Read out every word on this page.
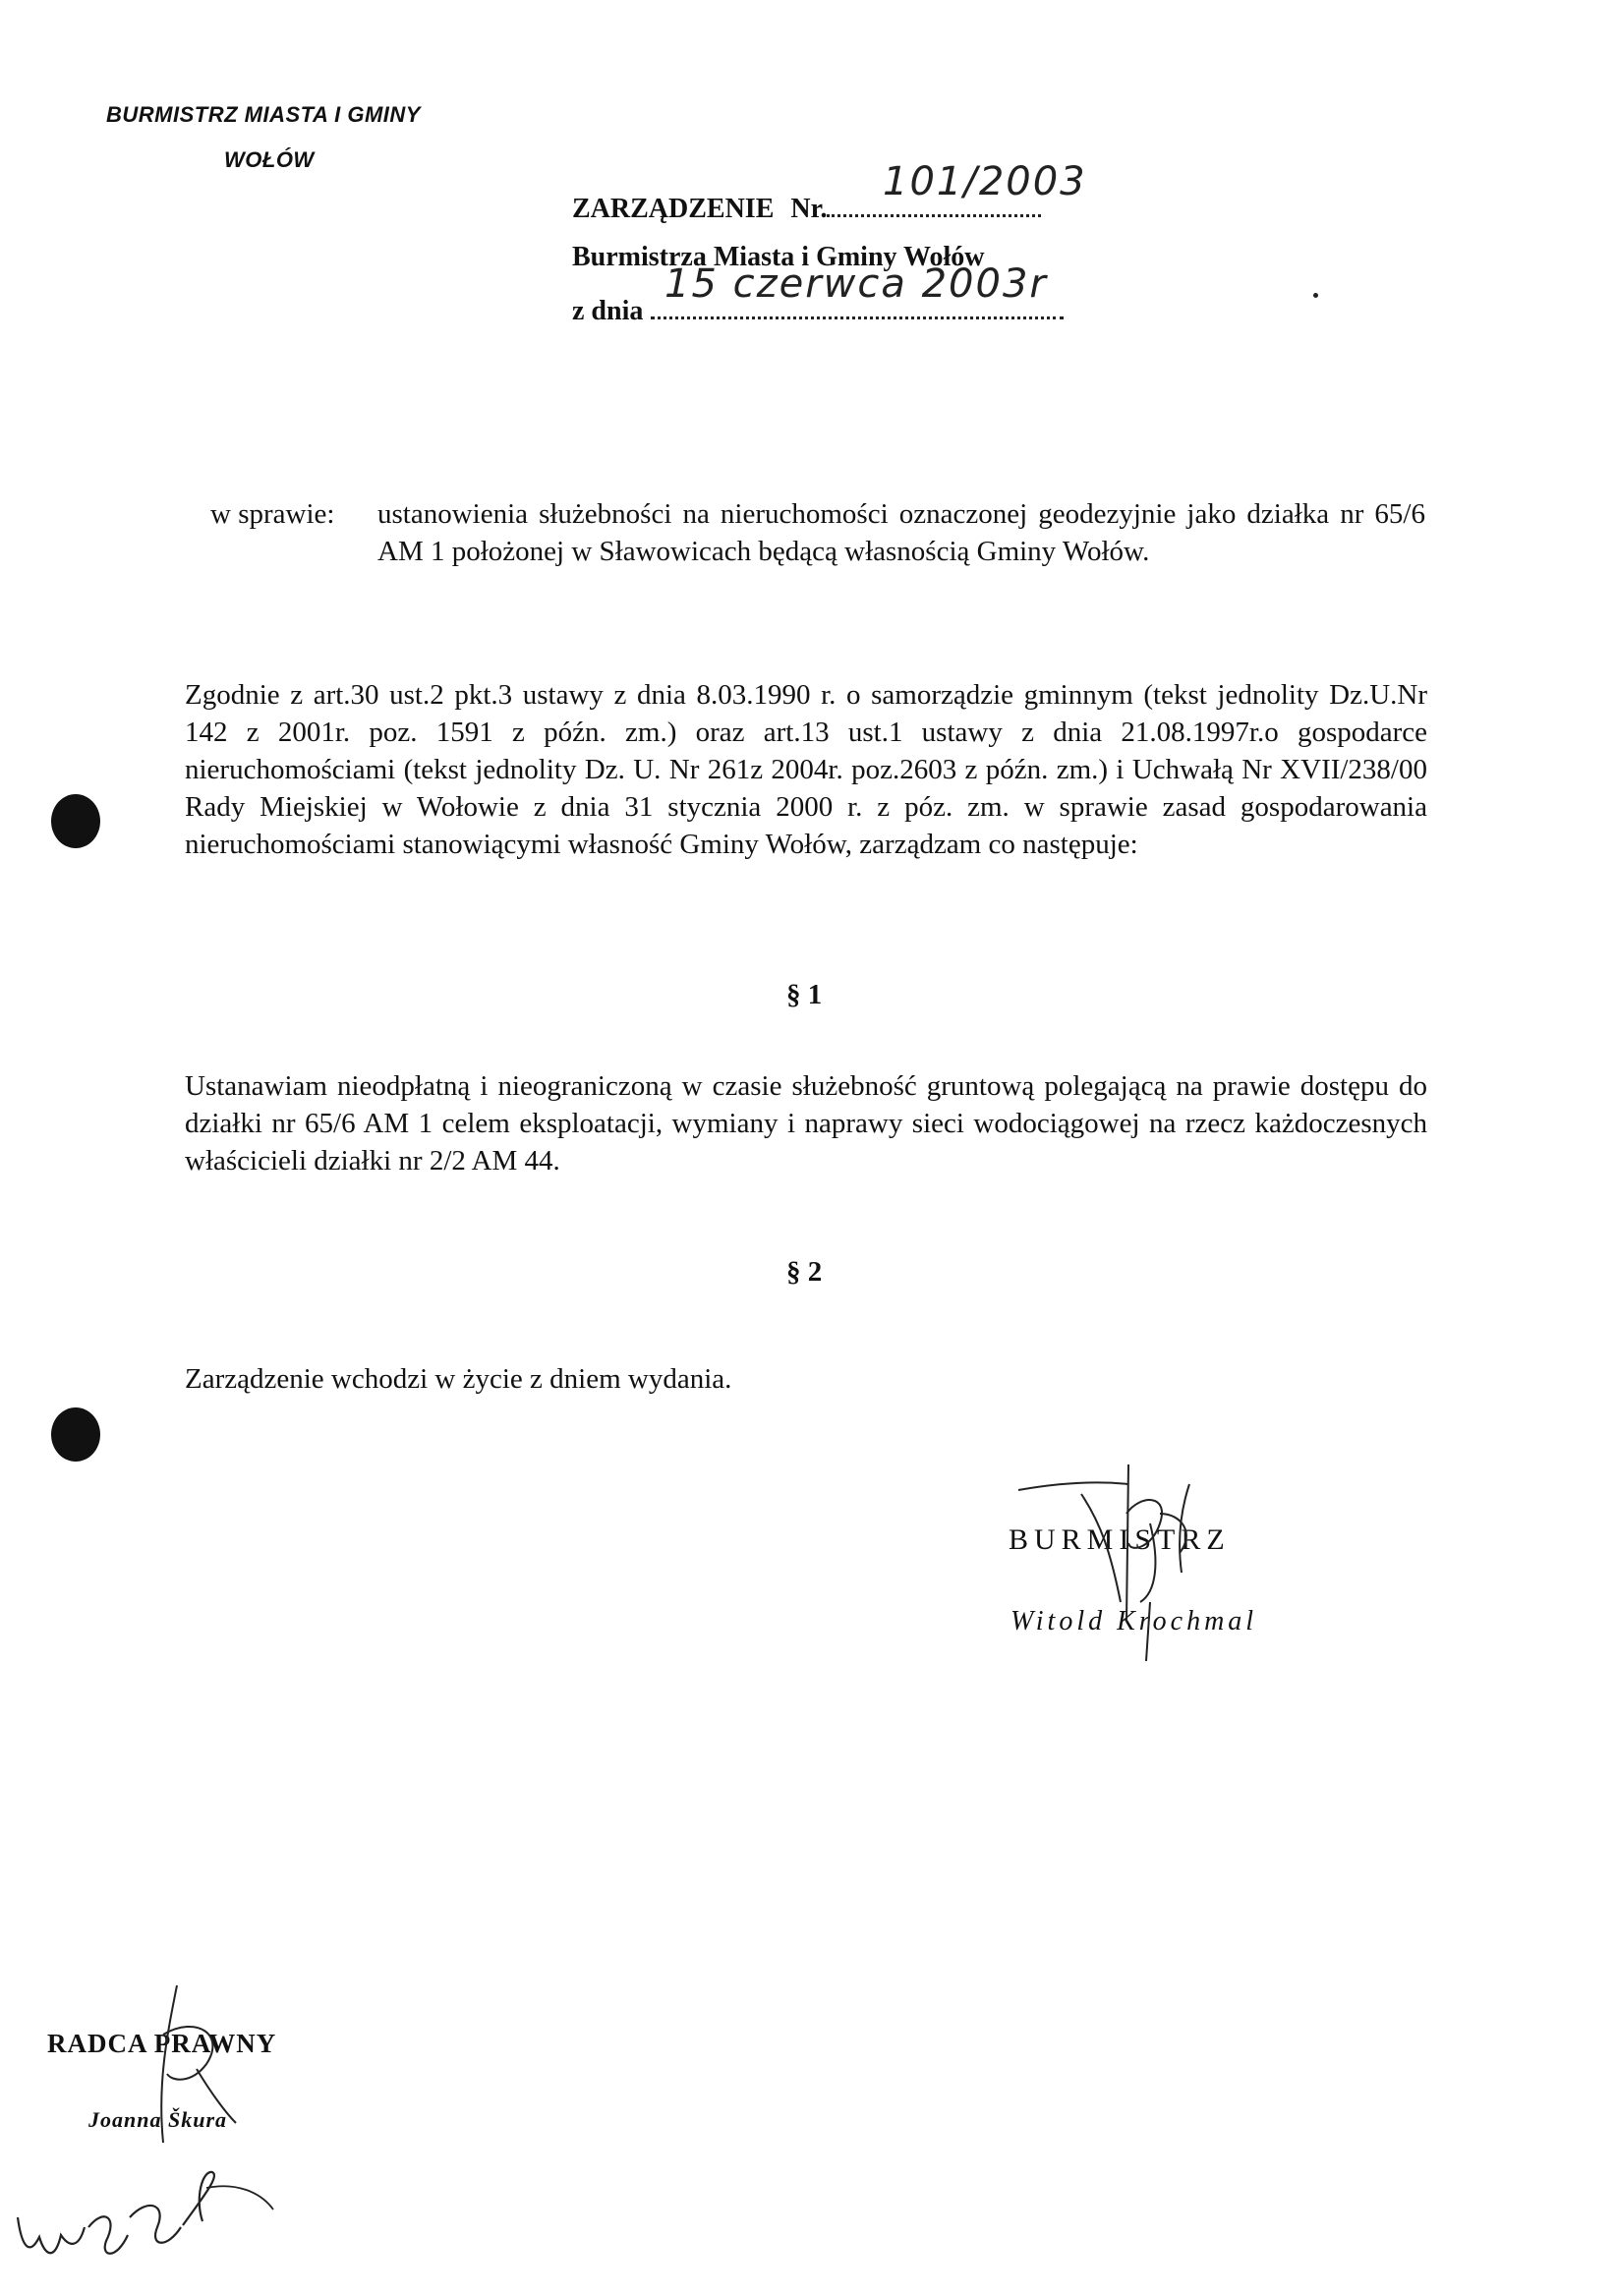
BURMISTRZ MIASTA I GMINY
WOŁÓW
ZARZĄDZENIE Nr.
101/2003
Burmistrza Miasta i Gminy Wołów
z dnia
15 czerwca 2003r
w sprawie: ustanowienia służebności na nieruchomości oznaczonej geodezyjnie jako działka nr 65/6 AM 1 położonej w Sławowicach będącą własnością Gminy Wołów.
Zgodnie z art.30 ust.2 pkt.3 ustawy z dnia 8.03.1990 r. o samorządzie gminnym (tekst jednolity Dz.U.Nr 142 z 2001r. poz. 1591 z późn. zm.) oraz art.13 ust.1 ustawy z dnia 21.08.1997r.o gospodarce nieruchomościami (tekst jednolity Dz. U. Nr 261z 2004r. poz.2603 z późn. zm.) i Uchwałą Nr XVII/238/00 Rady Miejskiej w Wołowie z dnia 31 stycznia 2000 r. z póz. zm. w sprawie zasad gospodarowania nieruchomościami stanowiącymi własność Gminy Wołów, zarządzam co następuje:
§ 1
Ustanawiam nieodpłatną i nieograniczoną w czasie służebność gruntową polegającą na prawie dostępu do działki nr 65/6 AM 1 celem eksploatacji, wymiany i naprawy sieci wodociągowej na rzecz każdoczesnych właścicieli działki nr 2/2 AM 44.
§ 2
Zarządzenie wchodzi w życie z dniem wydania.
BURMISTRZ
Witold Krochmal
RADCA PRAWNY
Joanna Škura
